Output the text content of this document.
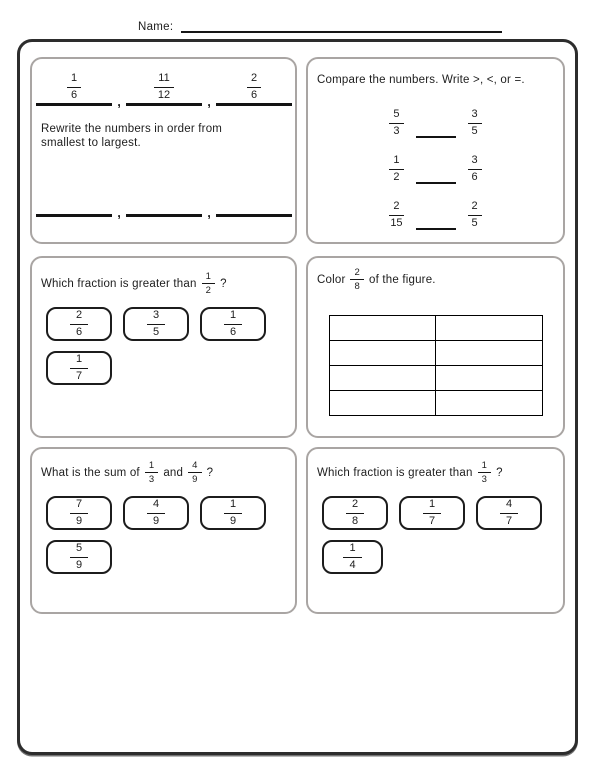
Name:
$\frac{1}{6}$
,
$\frac{11}{12}$
,
$\frac{2}{6}$
Rewrite the numbers in order from
smallest to largest.
,	,
Compare the numbers. Write >, <, or =.
$\frac{5}{3}$	$\frac{3}{5}$
$\frac{1}{2}$	$\frac{3}{6}$
$\frac{2}{15}$	$\frac{2}{5}$
Which fraction is greater than $\frac{1}{2}$ ?
$\frac{2}{6}$	$\frac{3}{5}$	$\frac{1}{6}$
$\frac{1}{7}$
Color $\frac{2}{8}$ of the figure.
What is the sum of $\frac{1}{3}$ and $\frac{4}{9}$ ?
$\frac{7}{9}$	$\frac{4}{9}$	$\frac{1}{9}$
$\frac{5}{9}$
Which fraction is greater than $\frac{1}{3}$ ?
$\frac{2}{8}$	$\frac{1}{7}$	$\frac{4}{7}$
$\frac{1}{4}$
